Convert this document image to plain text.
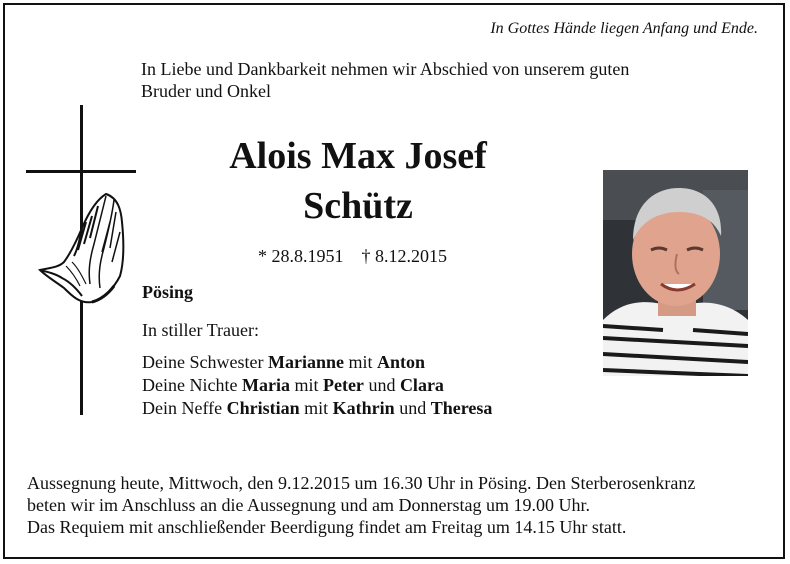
In Gottes Hände liegen Anfang und Ende.
In Liebe und Dankbarkeit nehmen wir Abschied von unserem guten
Bruder und Onkel
Alois Max Josef
Schütz
* 28.8.1951 † 8.12.2015
Pösing
In stiller Trauer:
Deine Schwester Marianne mit Anton
Deine Nichte Maria mit Peter und Clara
Dein Neffe Christian mit Kathrin und Theresa
Aussegnung heute, Mittwoch, den 9.12.2015 um 16.30 Uhr in Pösing. Den Sterberosenkranz
beten wir im Anschluss an die Aussegnung und am Donnerstag um 19.00 Uhr.
Das Requiem mit anschließender Beerdigung findet am Freitag um 14.15 Uhr statt.
